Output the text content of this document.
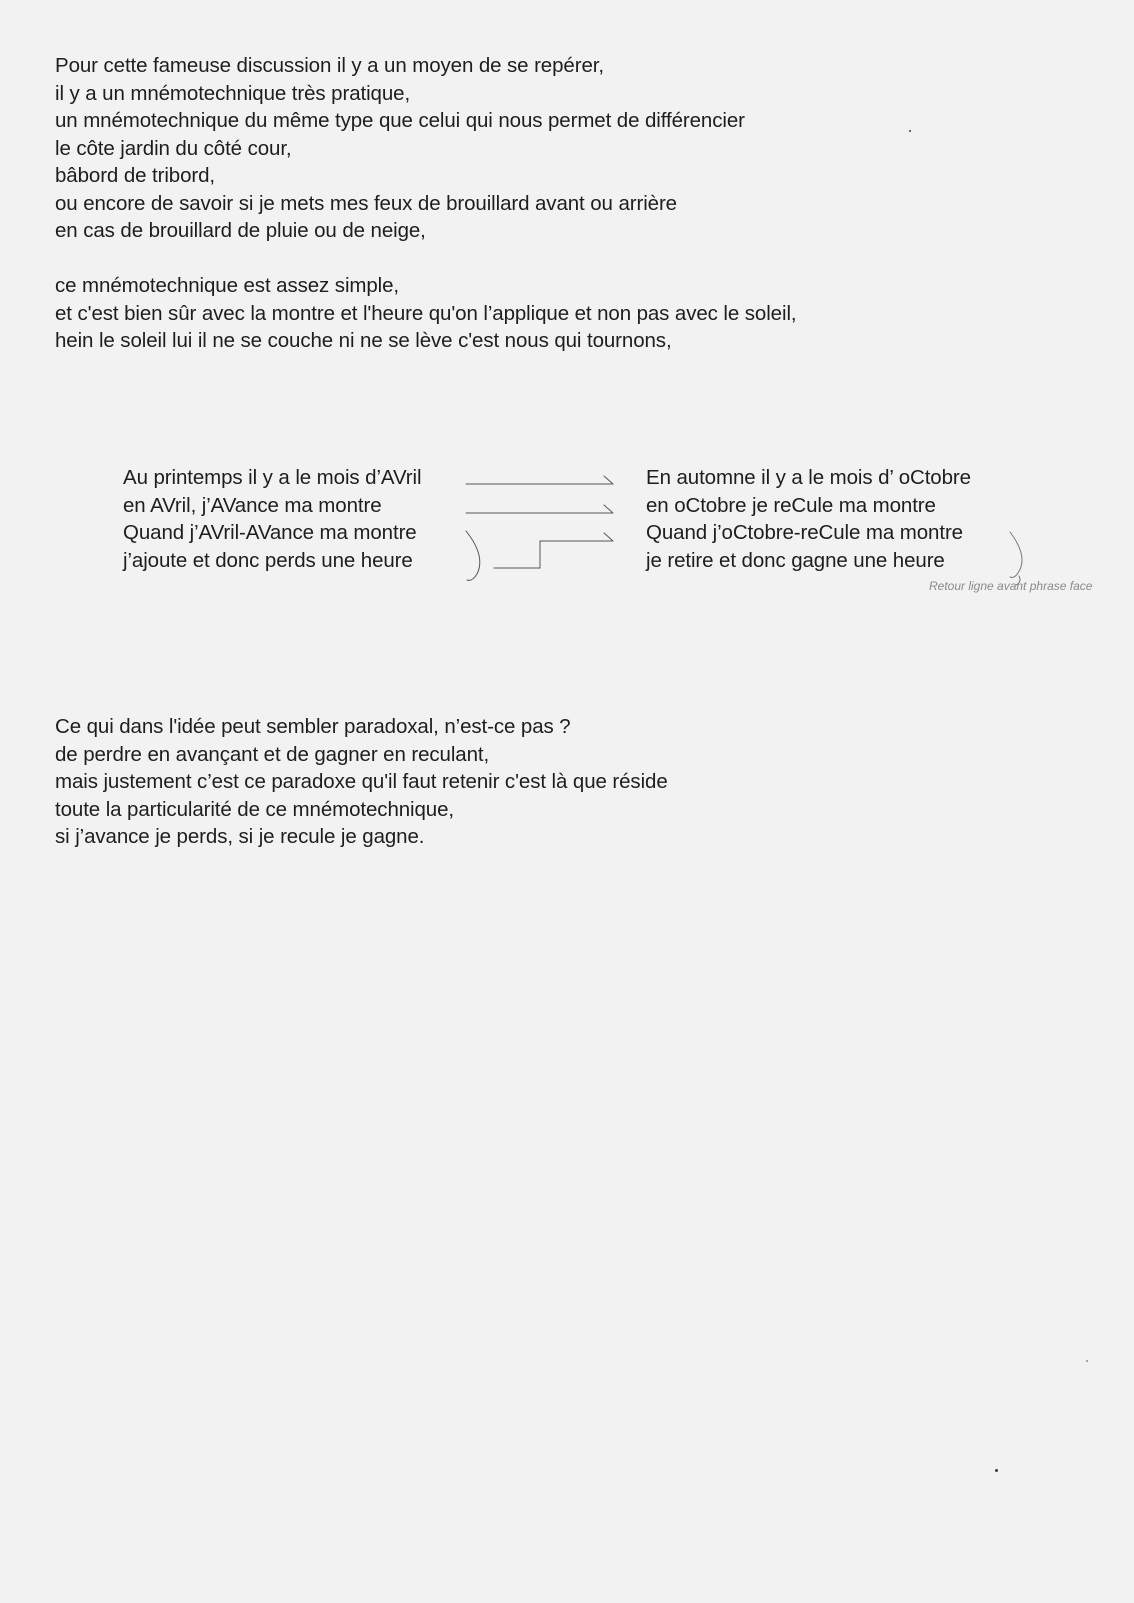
Pour cette fameuse discussion il y a un moyen de se repérer,
il y a un mnémotechnique très pratique,
un mnémotechnique du même type que celui qui nous permet de différencier
le côte jardin du côté cour,
bâbord de tribord,
ou encore de savoir si je mets mes feux de brouillard avant ou arrière
en cas de brouillard de pluie ou de neige,
ce mnémotechnique est assez simple,
et c'est bien sûr avec la montre et l'heure qu'on l’applique et non pas avec le soleil,
hein le soleil lui il ne se couche ni ne se lève c'est nous qui tournons,
Au printemps il y a le mois d’AVril
en AVril, j’AVance ma montre
Quand j’AVril-AVance ma montre
j’ajoute et donc perds une heure
En automne il y a le mois d’ oCtobre
en oCtobre je reCule ma montre
Quand j’oCtobre-reCule ma montre
je retire et donc gagne une heure
Retour ligne avant phrase face
Ce qui dans l'idée peut sembler paradoxal, n’est-ce pas ?
de perdre en avançant et de gagner en reculant,
mais justement c’est ce paradoxe qu'il faut retenir c'est là que réside
toute la particularité de ce mnémotechnique,
si j’avance je perds, si je recule je gagne.
